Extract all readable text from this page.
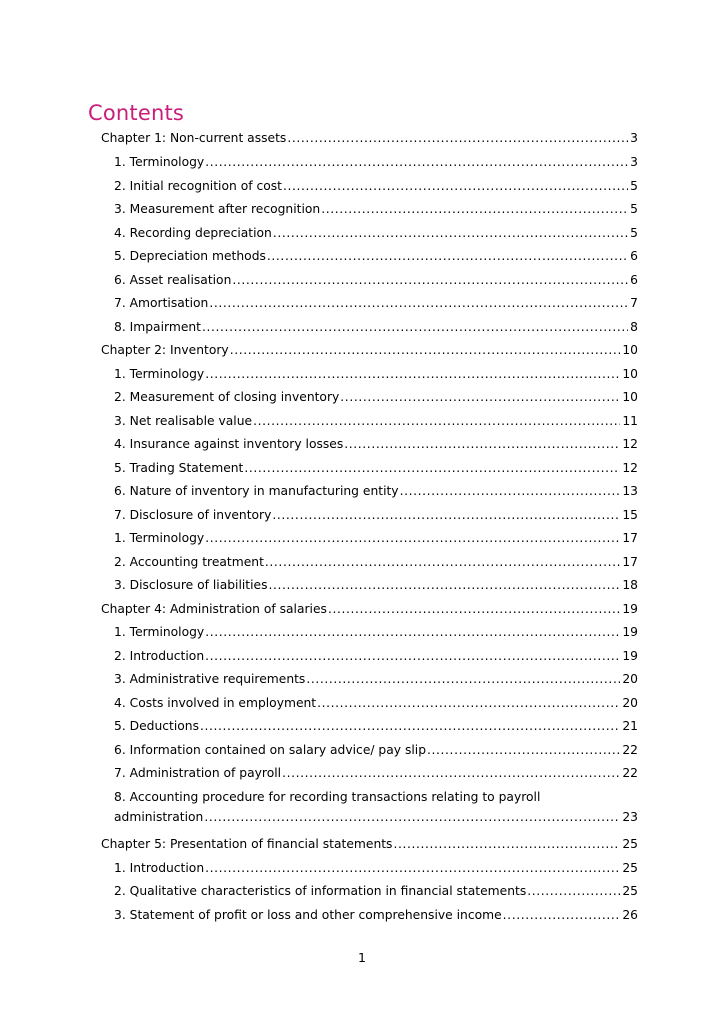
Contents
Chapter 1: Non-current assets .....	3
1. Terminology .....	3
2. Initial recognition of cost .....	5
3. Measurement after recognition .....	5
4. Recording depreciation .....	5
5. Depreciation methods .....	6
6. Asset realisation .....	6
7. Amortisation .....	7
8. Impairment .....	8
Chapter 2: Inventory .....	10
1. Terminology .....	10
2. Measurement of closing inventory .....	10
3. Net realisable value .....	11
4. Insurance against inventory losses .....	12
5. Trading Statement .....	12
6. Nature of inventory in manufacturing entity .....	13
7. Disclosure of inventory .....	15
1. Terminology .....	17
2. Accounting treatment .....	17
3. Disclosure of liabilities .....	18
Chapter 4: Administration of salaries .....	19
1. Terminology .....	19
2. Introduction .....	19
3. Administrative requirements .....	20
4. Costs involved in employment .....	20
5. Deductions .....	21
6. Information contained on salary advice/ pay slip .....	22
7. Administration of payroll .....	22
8. Accounting procedure for recording transactions relating to payroll
administration .....	23
Chapter 5: Presentation of financial statements .....	25
1. Introduction .....	25
2. Qualitative characteristics of information in financial statements .....	25
3. Statement of profit or loss and other comprehensive income .....	26
1
